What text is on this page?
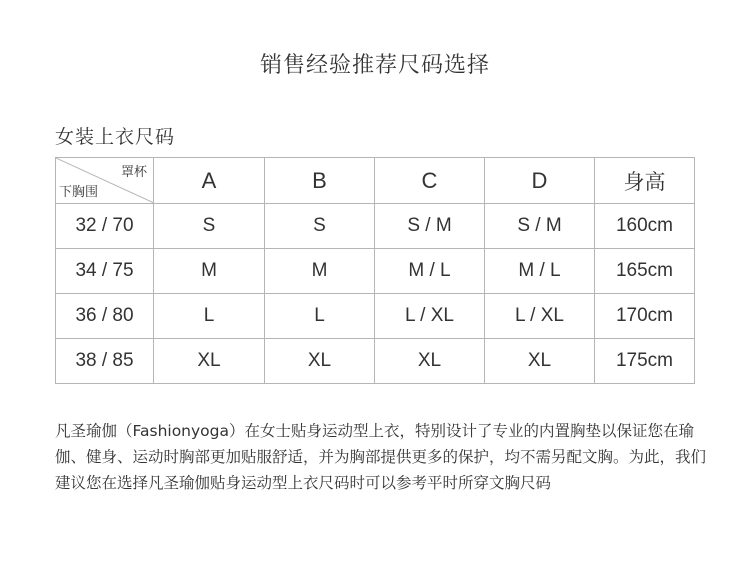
销售经验推荐尺码选择
女装上衣尺码
罩杯
下胸围	A	B	C	D	身高
32 / 70	S	S	S / M	S / M	160cm
34 / 75	M	M	M / L	M / L	165cm
36 / 80	L	L	L / XL	L / XL	170cm
38 / 85	XL	XL	XL	XL	175cm
凡圣瑜伽（Fashionyoga）在女士贴身运动型上衣，特别设计了专业的内置胸垫以保证您在瑜伽、健身、运动时胸部更加贴服舒适，并为胸部提供更多的保护，均不需另配文胸。为此，我们建议您在选择凡圣瑜伽贴身运动型上衣尺码时可以参考平时所穿文胸尺码
